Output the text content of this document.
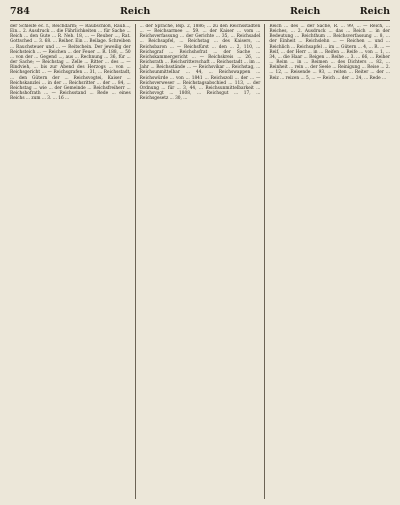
784	Reich	Reich	Reich

der Schleife ec. f., Reichdarm; — Raubschloß, Raub..., Ein... 2. Ausdruck ... die Fährlichkeiten ... für Sache ... Reich ... den Gute ... R. Neb. 18, ... — Reuber ..., Rat. Gottsched ... 3. 68. ... Reiher. Ein ... Beilage. Schreiben ... Rauchsteuer und ... — Reitschein. Der jeweilig der Reichsteich ... — Reichen ... der Feuer ... R. 188, ... 50 ... von der ... Gegend ..., aus ... Rechnung ... 36, für ... der Sache; — Reichstag ... Zelle ... Ritter ... des ... — Rindvieh, ... bis zur Abend des Herzogs ... von ... Reichsgericht ... — Reichsgrafen ... 31, ... Reichsstadt, ... den Gütern der ... Reichsvogtei, Kaiser ... Reichskanzlei ... in der ... Reichsritter ... der ... 84, ... Reichstag ... wie ... der Gemeinde ... Reichsfreiherr ... Reichshofrath ... — Reichsstand ... Rede ... eines Reichs ... zum ... 3. ... 16 ...

... der Sprache, Bsp. 2, 1886; ... zu den Reichsstädten ... — Reichsarmee ... 59. ... der Kaiser ... vom ... Reichsverfassung ... der Gerichte ... 35, ... Reichsadel ... Reichsapfel, ... Reichstag ... des Kaisers, ... Reichsbaron ... — Reichsfürst ... den ... 2, 110, ... Reichsgraf ... Reichshofrat ... der Sache ... Reichskammergericht ... — Reichskreis ... 26, ... Reichsrath ... Reichsritterschaft ... Reichsstadt ... im ... Jahr ... Reichsstände ... — Reichsvikar ... Reichstag, ... Reichsunmittelbar ... 44, ... Reichswappen ... Reichswürde ... von ... 1841 ... Reichszoll ... der ... — Reichsverweser ... Reichstagsabschied ... 113, ... der Ordnung ... für ... 3, 44, ... Reichsunmittelbarkeit ... Reichsvogt ... 1808, ... Reichsgut ... 17, ... Reichsgesetz ... 30, ...

Reich ... des ... der Sache, R. ... 99, ... — Reich, ... Reiches, ... 2. Ausdruck ... das ... Reich ... in der Bedeutung ... Reichthum ... Reichsverfassung ... 8, ... der Einheit ... Reichslehn ... — Reichen ... und ... Reichlich ... Reichsapfel ... im ... Gütern ... 4, ... R. ... — Reif, ... der Herr ... in ... Reifen ... Reife ... von ... 1, ... 34, ... die Haar ... Reigen ... Reihe ... 3. ... 66, ... Reiher ... Reim ... in ... Reimen ... des Dichters ... 82, ... Reinheit ... rein ... der Seele ... Reinigung ... Reise ... 2. ... 12, ... Reisende ... 93, ... reiten ... Reiter ... der ... Reiz ... reizen ... 5, ... — Reich ... der ... 24, ... Rede ...
